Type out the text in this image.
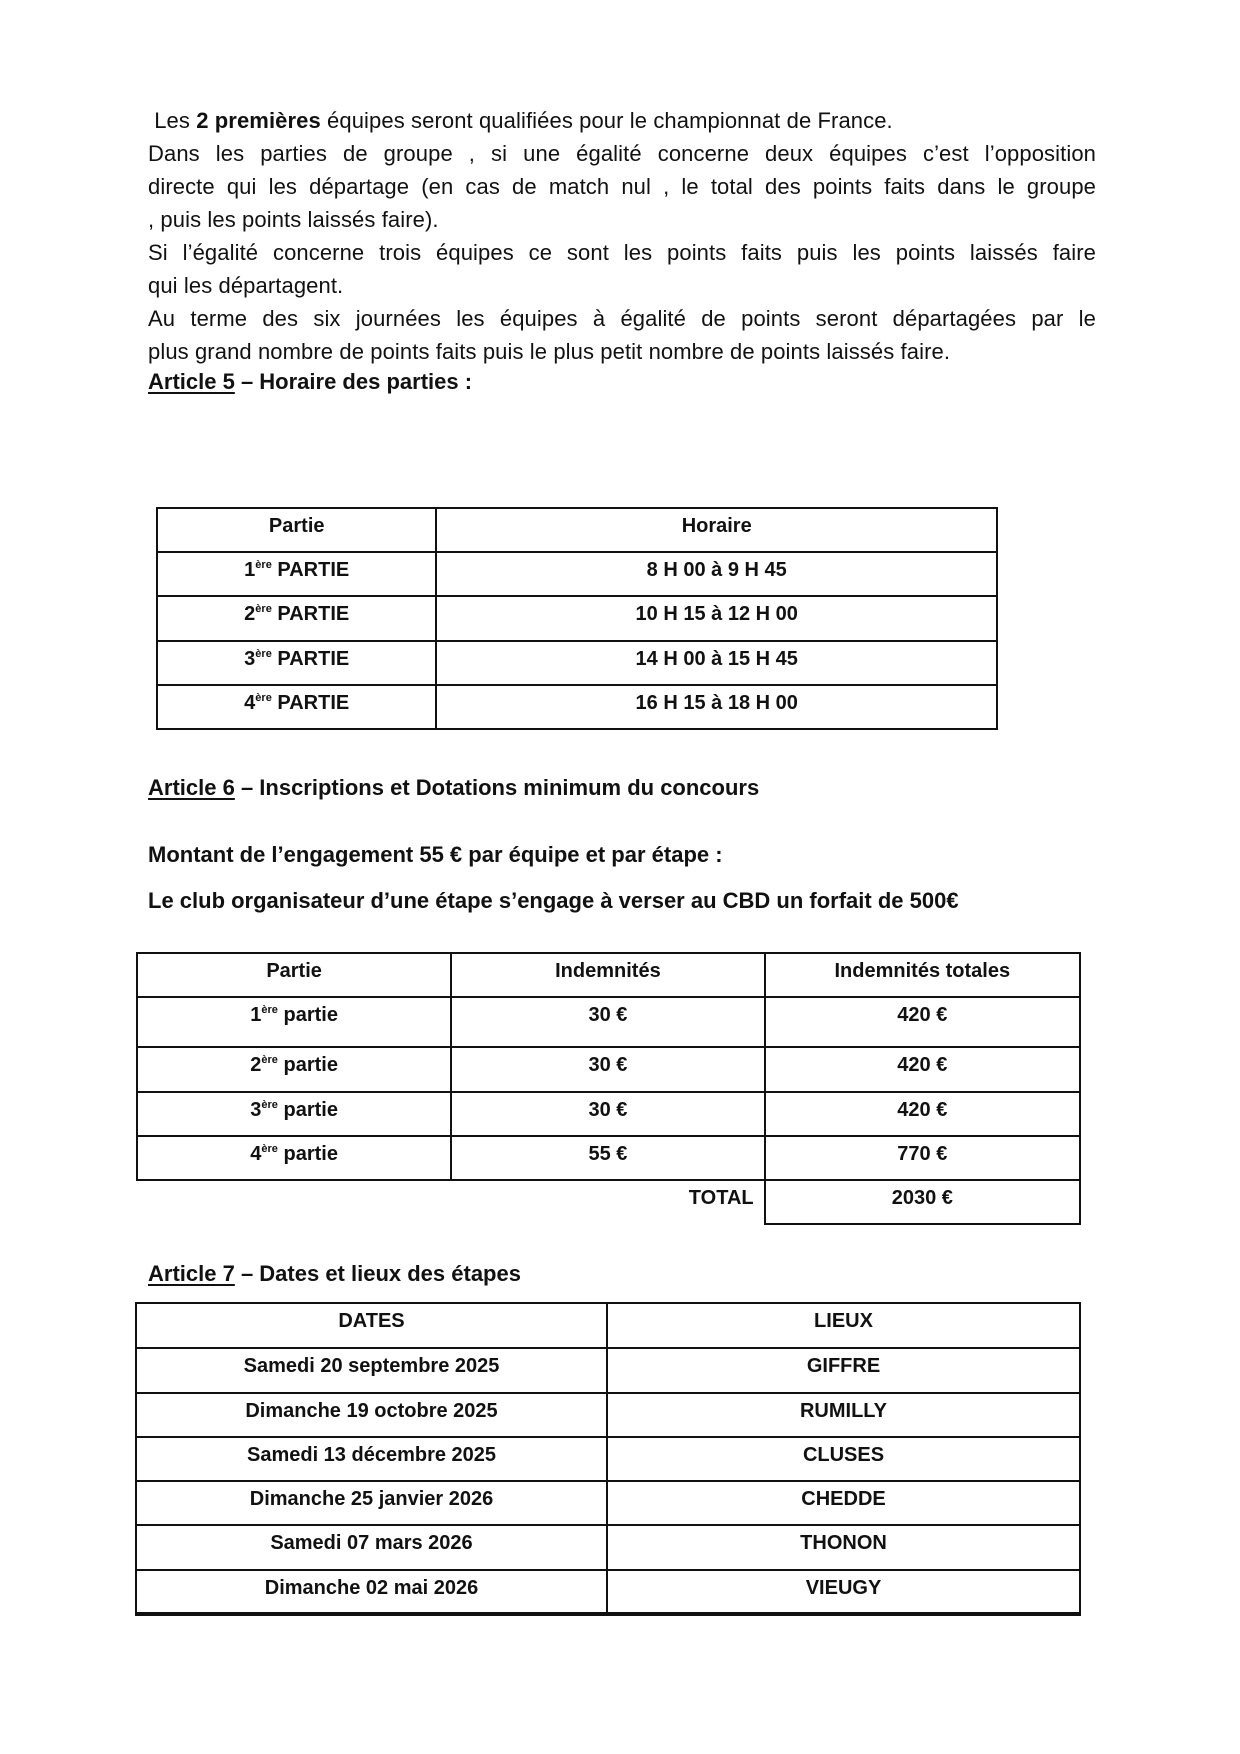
Les 2 premières équipes seront qualifiées pour le championnat de France.
Dans les parties de groupe , si une égalité concerne deux équipes c’est l’opposition
directe qui les départage (en cas de match nul , le total des points faits dans le groupe
, puis les points laissés faire).
Si l’égalité concerne trois équipes ce sont les points faits puis les points laissés faire
qui les départagent.
Au terme des six journées les équipes à égalité de points seront départagées par le
plus grand nombre de points faits puis le plus petit nombre de points laissés faire.
Article 5 – Horaire des parties :
Partie	Horaire
1ère PARTIE	8 H 00 à 9 H 45
2ère PARTIE	10 H 15 à 12 H 00
3ère PARTIE	14 H 00 à 15 H 45
4ère PARTIE	16 H 15 à 18 H 00
Article 6 – Inscriptions et Dotations minimum du concours
Montant de l’engagement 55 € par équipe et par étape :
Le club organisateur d’une étape s’engage à verser au CBD un forfait de 500€
Partie	Indemnités	Indemnités totales
1ère partie	30 €	420 €
2ère partie	30 €	420 €
3ère partie	30 €	420 €
4ère partie	55 €	770 €
TOTAL		2030 €
Article 7 – Dates et lieux des étapes
DATES	LIEUX
Samedi 20 septembre 2025	GIFFRE
Dimanche 19 octobre 2025	RUMILLY
Samedi 13 décembre 2025	CLUSES
Dimanche 25 janvier 2026	CHEDDE
Samedi 07 mars 2026	THONON
Dimanche 02 mai 2026	VIEUGY
